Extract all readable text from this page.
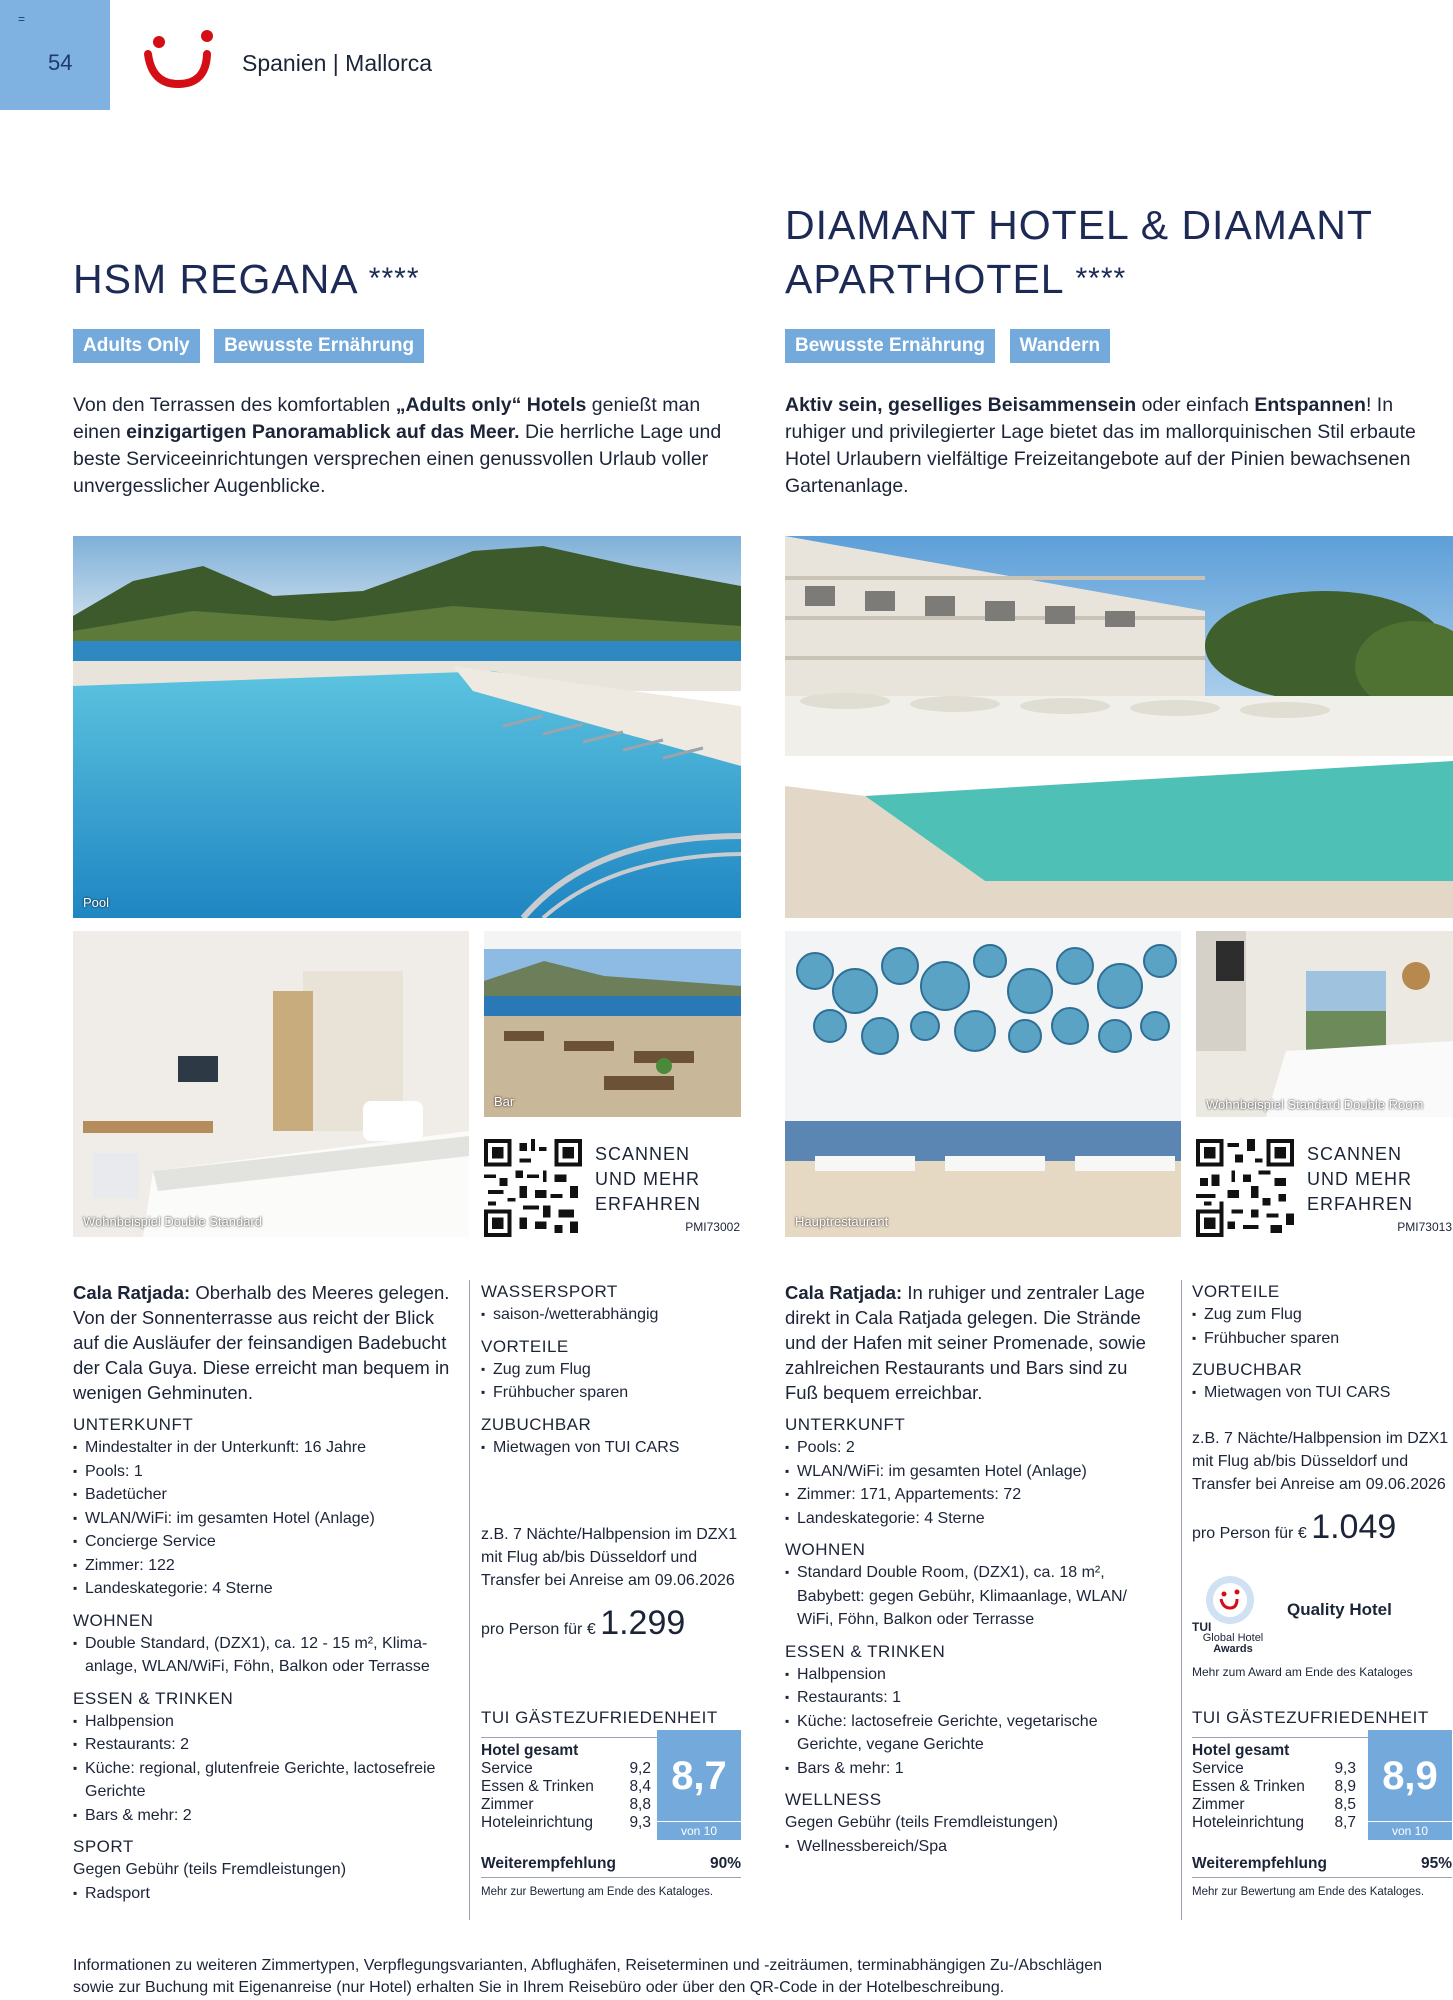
=
54	Spanien | Mallorca
HSM REGANA ****
Adults Only Bewusste Ernährung
Von den Terrassen des komfortablen „Adults only“ Hotels genießt man einen einzigartigen Panoramablick auf das Meer. Die herrliche Lage und beste Serviceeinrichtungen versprechen einen genussvollen Urlaub voller unvergesslicher Augenblicke.
DIAMANT HOTEL & DIAMANT
APARTHOTEL ****
Bewusste Ernährung Wandern
Aktiv sein, geselliges Beisammensein oder einfach Entspannen! In ruhiger und privilegierter Lage bietet das im mallorquinischen Stil erbaute Hotel Urlaubern vielfältige Freizeitangebote auf der Pinien bewachsenen Gartenanlage.
Pool
Wohnbeispiel Double Standard
Bar
SCANNEN
UND MEHR
ERFAHREN
PMI73002	Hauptrestaurant
Wohnbeispiel Standard Double Room
SCANNEN
UND MEHR
ERFAHREN
PMI73013
Cala Ratjada: Oberhalb des Meeres gelegen. Von der Sonnenterrasse aus reicht der Blick auf die Ausläufer der feinsandigen Badebucht der Cala Guya. Diese erreicht man bequem in wenigen Gehminuten.
UNTERKUNFT
▪ Mindestalter in der Unterkunft: 16 Jahre
▪ Pools: 1
▪ Badetücher
▪ WLAN/WiFi: im gesamten Hotel (Anlage)
▪ Concierge Service
▪ Zimmer: 122
▪ Landeskategorie: 4 Sterne
WOHNEN
▪ Double Standard, (DZX1), ca. 12 - 15 m², Klima-anlage, WLAN/WiFi, Föhn, Balkon oder Terrasse
ESSEN & TRINKEN
▪ Halbpension
▪ Restaurants: 2
▪ Küche: regional, glutenfreie Gerichte, lactosefreie Gerichte
▪ Bars & mehr: 2
SPORT
Gegen Gebühr (teils Fremdleistungen)
▪ Radsport
WASSERSPORT
▪ saison-/wetterabhängig
VORTEILE
▪ Zug zum Flug
▪ Frühbucher sparen
ZUBUCHBAR
▪ Mietwagen von TUI CARS
z.B. 7 Nächte/Halbpension im DZX1 mit Flug ab/bis Düsseldorf und Transfer bei Anreise am 09.06.2026
pro Person für € 1.299
TUI GÄSTEZUFRIEDENHEIT
Hotel gesamt
Service	9,2
Essen & Trinken 8,4
Zimmer	8,8
Hoteleinrichtung 9,3
8,7
von 10
Weiterempfehlung	90%
Mehr zur Bewertung am Ende des Kataloges.
Cala Ratjada: In ruhiger und zentraler Lage direkt in Cala Ratjada gelegen. Die Strände und der Hafen mit seiner Promenade, sowie zahlreichen Restaurants und Bars sind zu Fuß bequem erreichbar.
UNTERKUNFT
▪ Pools: 2
▪ WLAN/WiFi: im gesamten Hotel (Anlage)
▪ Zimmer: 171, Appartements: 72
▪ Landeskategorie: 4 Sterne
WOHNEN
▪ Standard Double Room, (DZX1), ca. 18 m², Babybett: gegen Gebühr, Klimaanlage, WLAN/ WiFi, Föhn, Balkon oder Terrasse
ESSEN & TRINKEN
▪ Halbpension
▪ Restaurants: 1
▪ Küche: lactosefreie Gerichte, vegetarische Gerichte, vegane Gerichte
▪ Bars & mehr: 1
WELLNESS
Gegen Gebühr (teils Fremdleistungen)
▪ Wellnessbereich/Spa
VORTEILE
▪ Zug zum Flug
▪ Frühbucher sparen
ZUBUCHBAR
▪ Mietwagen von TUI CARS
z.B. 7 Nächte/Halbpension im DZX1 mit Flug ab/bis Düsseldorf und Transfer bei Anreise am 09.06.2026
pro Person für € 1.049
Quality Hotel
TUI
Global Hotel
Awards
Mehr zum Award am Ende des Kataloges
TUI GÄSTEZUFRIEDENHEIT
Hotel gesamt
Service	9,3
Essen & Trinken 8,9
Zimmer	8,5
Hoteleinrichtung 8,7
8,9
von 10
Weiterempfehlung	95%
Mehr zur Bewertung am Ende des Kataloges.
Informationen zu weiteren Zimmertypen, Verpflegungsvarianten, Abflughäfen, Reiseterminen und -zeiträumen, terminabhängigen Zu-/Abschlägen
sowie zur Buchung mit Eigenanreise (nur Hotel) erhalten Sie in Ihrem Reisebüro oder über den QR-Code in der Hotelbeschreibung.
